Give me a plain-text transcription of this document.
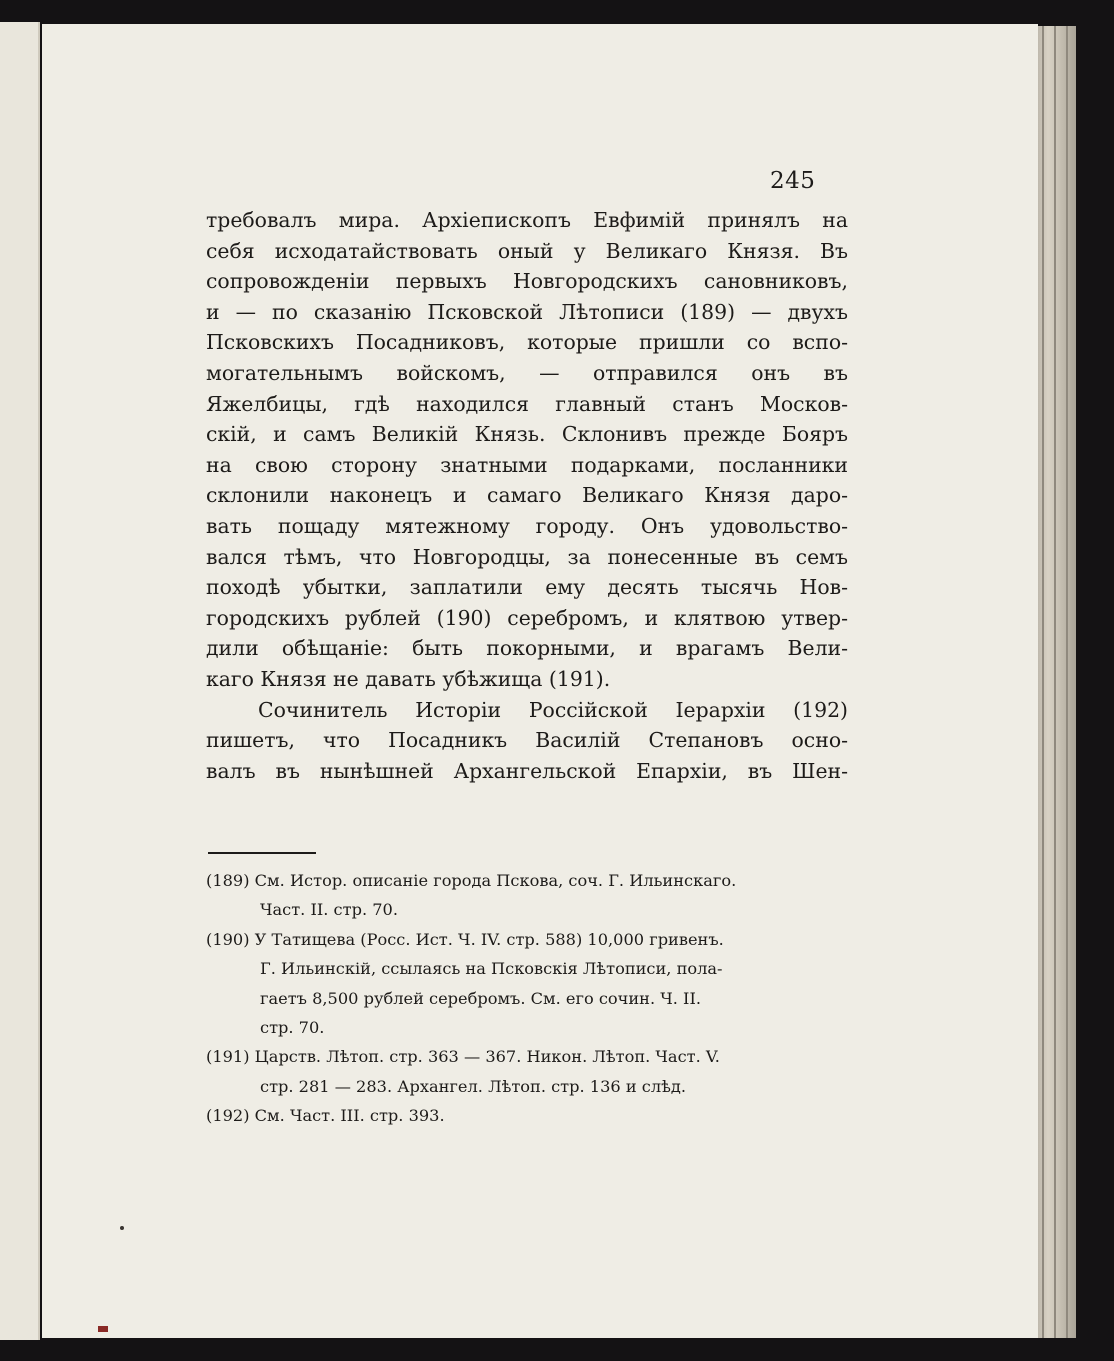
245
требовалъ мира. Архіепископъ Евфимій принялъ на
себя исходатайствовать оный у Великаго Князя. Въ
сопровожденіи первыхъ Новгородскихъ сановниковъ,
и — по сказанію Псковской Лѣтописи (189) — двухъ
Псковскихъ Посадниковъ, которые пришли со вспо-
могательнымъ войскомъ, — отправился онъ въ
Яжелбицы, гдѣ находился главный станъ Москов-
скій, и самъ Великій Князь. Склонивъ прежде Бояръ
на свою сторону знатными подарками, посланники
склонили наконецъ и самаго Великаго Князя даро-
вать пощаду мятежному городу. Онъ удовольство-
вался тѣмъ, что Новгородцы, за понесенные въ семъ
походѣ убытки, заплатили ему десять тысячь Нов-
городскихъ рублей (190) серебромъ, и клятвою утвер-
дили обѣщаніе: быть покорными, и врагамъ Вели-
каго Князя не давать убѣжища (191).
Сочинитель Исторіи Россійской Іерархіи (192)
пишетъ, что Посадникъ Василій Степановъ осно-
валъ въ нынѣшней Архангельской Епархіи, въ Шен-
(189) См. Истор. описаніе города Пскова, соч. Г. Ильинскаго.
Част. II. стр. 70.
(190) У Татищева (Росс. Ист. Ч. IV. стр. 588) 10,000 гривенъ.
Г. Ильинскій, ссылаясь на Псковскія Лѣтописи, пола-
гаетъ 8,500 рублей серебромъ. См. его сочин. Ч. II.
стр. 70.
(191) Царств. Лѣтоп. стр. 363 — 367. Никон. Лѣтоп. Част. V.
стр. 281 — 283. Архангел. Лѣтоп. стр. 136 и слѣд.
(192) См. Част. III. стр. 393.
